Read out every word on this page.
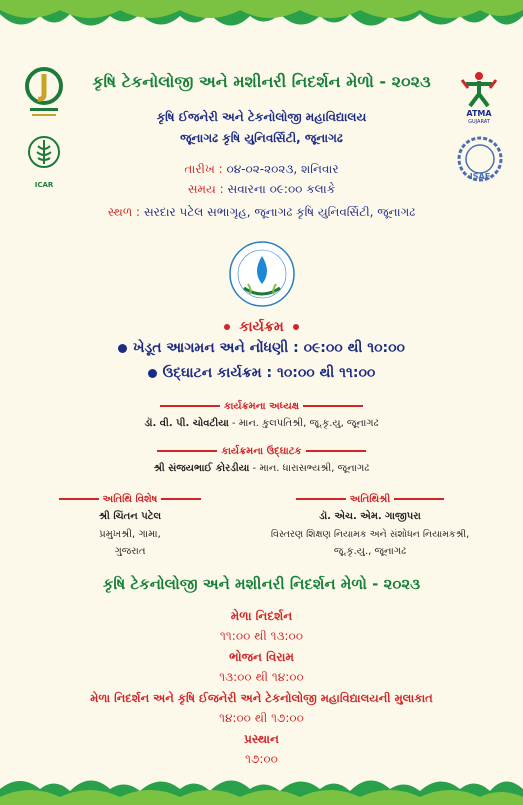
ICAR
ATMA
GUJARAT
ISAE
કૃષિ ટેકનોલોજી અને મશીનરી નિદર્શન મેળો - ૨૦૨૩
કૃષિ ઈજનેરી અને ટેકનોલોજી મહાવિદ્યાલય
જૂનાગઢ કૃષિ યુનિવર્સિટી, જૂનાગઢ
તારીખ : ૦૪-૦૨-૨૦૨૩, શનિવાર
સમય : સવારના ૦૯:૦૦ કલાકે
સ્થળ : સરદાર પટેલ સભાગૃહ, જૂનાગઢ કૃષિ યુનિવર્સિટી, જૂનાગઢ
કાર્યક્રમ
ખેડૂત આગમન અને નોંધણી : ૦૯:૦૦ થી ૧૦:૦૦
ઉદ્ઘાટન કાર્યક્રમ : ૧૦:૦૦ થી ૧૧:૦૦
કાર્યક્રમના અધ્યક્ષ
ડૉ. વી. પી. ચોવટીયા - માન. કુલપતિશ્રી, જૂ.કૃ.યુ, જૂનાગઢ
કાર્યક્રમના ઉદ્ઘાટક
શ્રી સંજયભાઈ કોરડીયા - માન. ધારાસભ્યશ્રી, જૂનાગઢ
અતિથિ વિશેષ
શ્રી ચિંતન પટેલ
પ્રમુખશ્રી, ગામા,
ગુજરાત
અતિથિશ્રી
ડૉ. એચ. એમ. ગાજીપરા
વિસ્તરણ શિક્ષણ નિયામક અને સંશોધન નિયામકશ્રી,
જૂ.કૃ.યુ., જૂનાગઢ
કૃષિ ટેકનોલોજી અને મશીનરી નિદર્શન મેળો - ૨૦૨૩
મેળા નિદર્શન
૧૧:૦૦ થી ૧૩:૦૦
ભોજન વિરામ
૧૩:૦૦ થી ૧૪:૦૦
મેળા નિદર્શન અને કૃષિ ઈજનેરી અને ટેકનોલોજી મહાવિદ્યાલયની મુલાકાત
૧૪:૦૦ થી ૧૭:૦૦
પ્રસ્થાન
૧૭:૦૦
